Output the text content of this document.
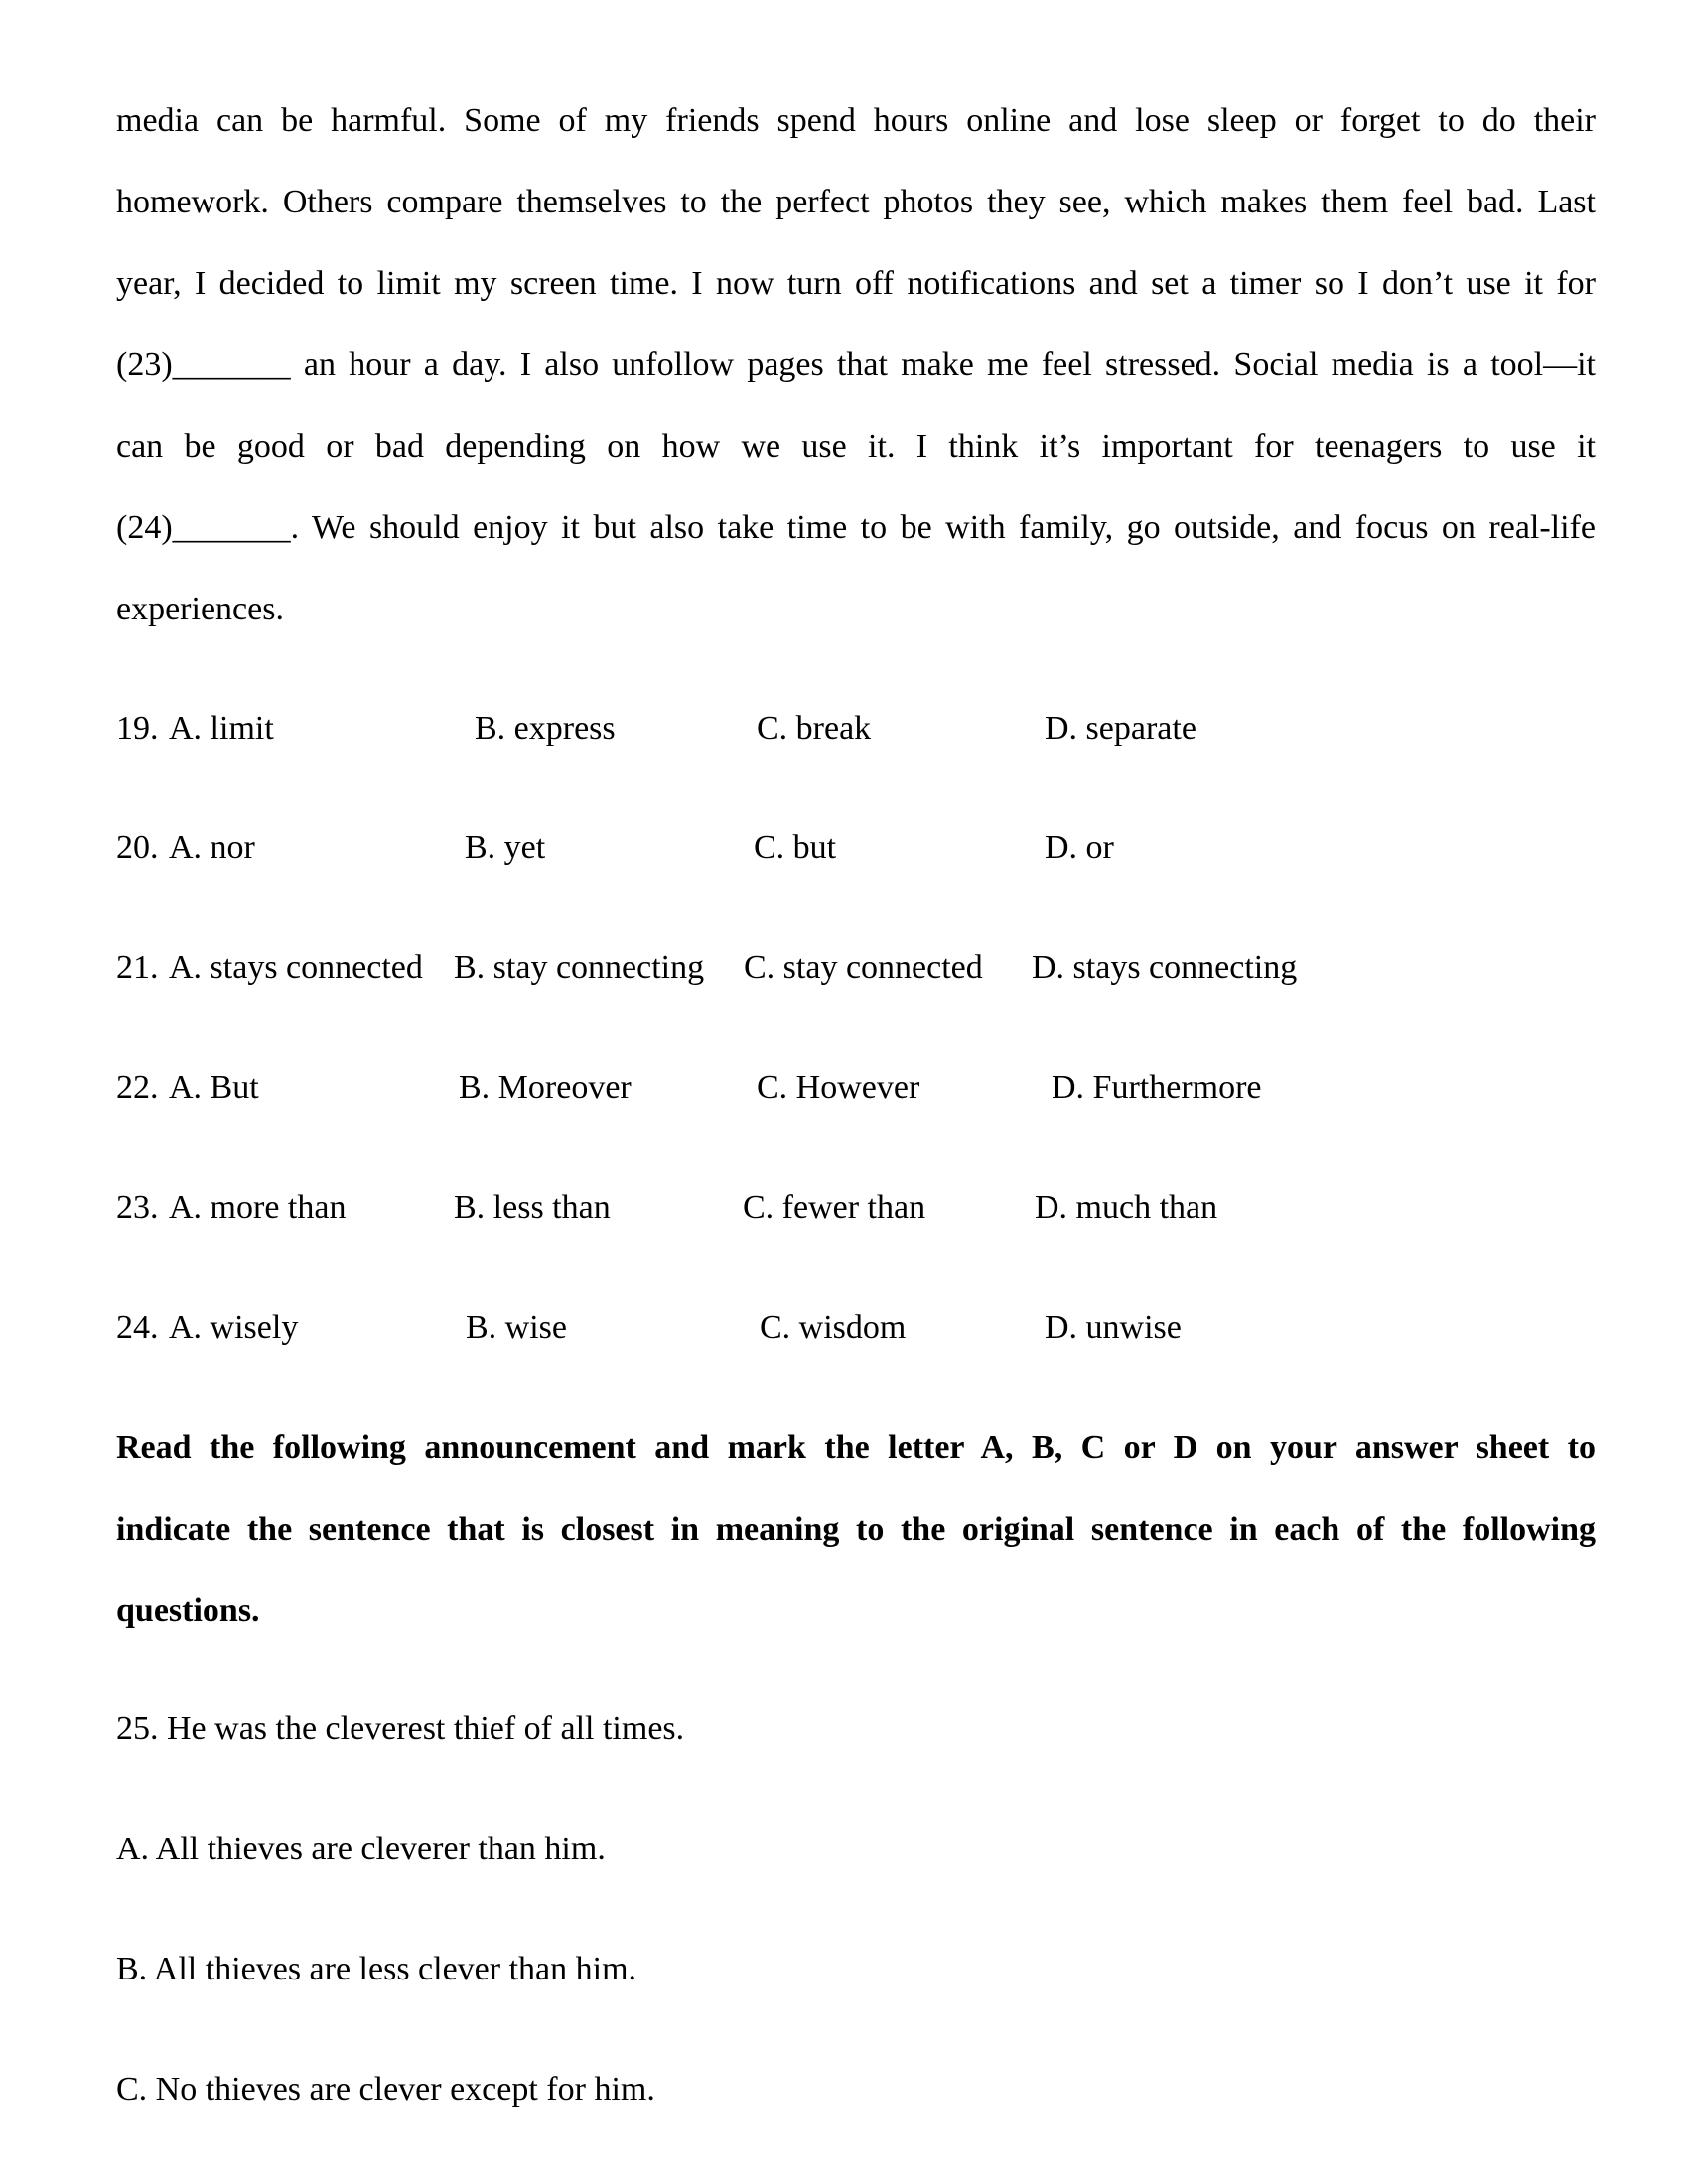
media can be harmful. Some of my friends spend hours online and lose sleep or forget to do their
homework. Others compare themselves to the perfect photos they see, which makes them feel bad. Last
year, I decided to limit my screen time. I now turn off notifications and set a timer so I don’t use it for
(23)_______ an hour a day. I also unfollow pages that make me feel stressed. Social media is a tool—it
can be good or bad depending on how we use it. I think it’s important for teenagers to use it
(24)_______. We should enjoy it but also take time to be with family, go outside, and focus on real-life
experiences.
19. A. limit	B. express	C. break	D. separate
20. A. nor	B. yet	C. but	D. or
21. A. stays connected B. stay connecting C. stay connected D. stays connecting
22. A. But	B. Moreover	C. However	D. Furthermore
23. A. more than	B. less than	C. fewer than	D. much than
24. A. wisely	B. wise	C. wisdom	D. unwise
Read the following announcement and mark the letter A, B, C or D on your answer sheet to
indicate the sentence that is closest in meaning to the original sentence in each of the following
questions.
25. He was the cleverest thief of all times.
A. All thieves are cleverer than him.
B. All thieves are less clever than him.
C. No thieves are clever except for him.
